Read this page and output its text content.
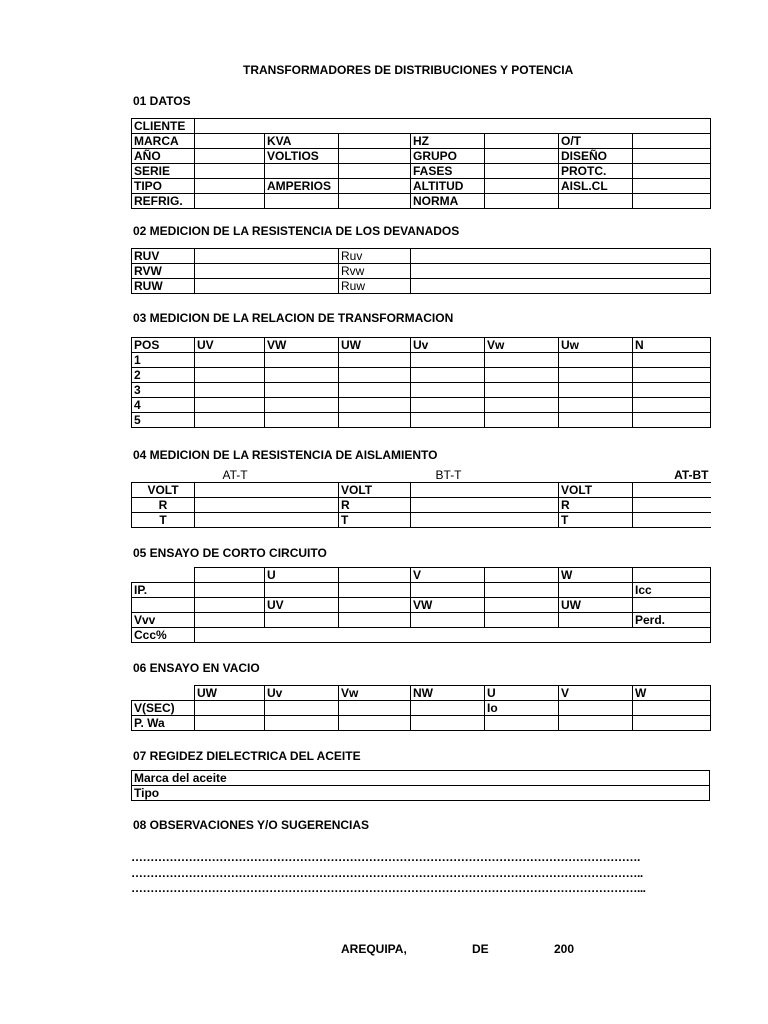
TRANSFORMADORES DE DISTRIBUCIONES Y POTENCIA
01 DATOS
CLIENTE							
MARCA		KVA		HZ		O/T	
AÑO		VOLTIOS		GRUPO		DISEÑO	
SERIE				FASES		PROTC.	
TIPO		AMPERIOS		ALTITUD		AISL.CL	
REFRIG.				NORMA			
02 MEDICION DE LA RESISTENCIA DE LOS DEVANADOS
RUV		Ruv	
RVW		Rvw	
RUW		Ruw	
03 MEDICION DE LA RELACION DE TRANSFORMACION
POS	UV	VW	UW	Uv	Vw	Uw	N
1							
2							
3							
4							
5							
04 MEDICION DE LA RESISTENCIA DE AISLAMIENTO
AT-T		BT-T		AT-BT	
VOLT		VOLT		VOLT	
R		R		R	
T		T		T	
05 ENSAYO DE CORTO CIRCUITO
		U		V		W	
IP.							Icc
		UV		VW		UW	
Vvv							Perd.
Ccc%							
06 ENSAYO EN VACIO
	UW	Uv	Vw	NW	U	V	W
V(SEC)					Io		
P. Wa							
07 REGIDEZ DIELECTRICA DEL ACEITE
Marca del aceite
Tipo
08 OBSERVACIONES Y/O SUGERENCIAS
…………………………………………………………………………………………………………………….
……………………………………………………………………………………………………………………..
……………………………………………………………………………………………………………………...
AREQUIPA,	DE	200
